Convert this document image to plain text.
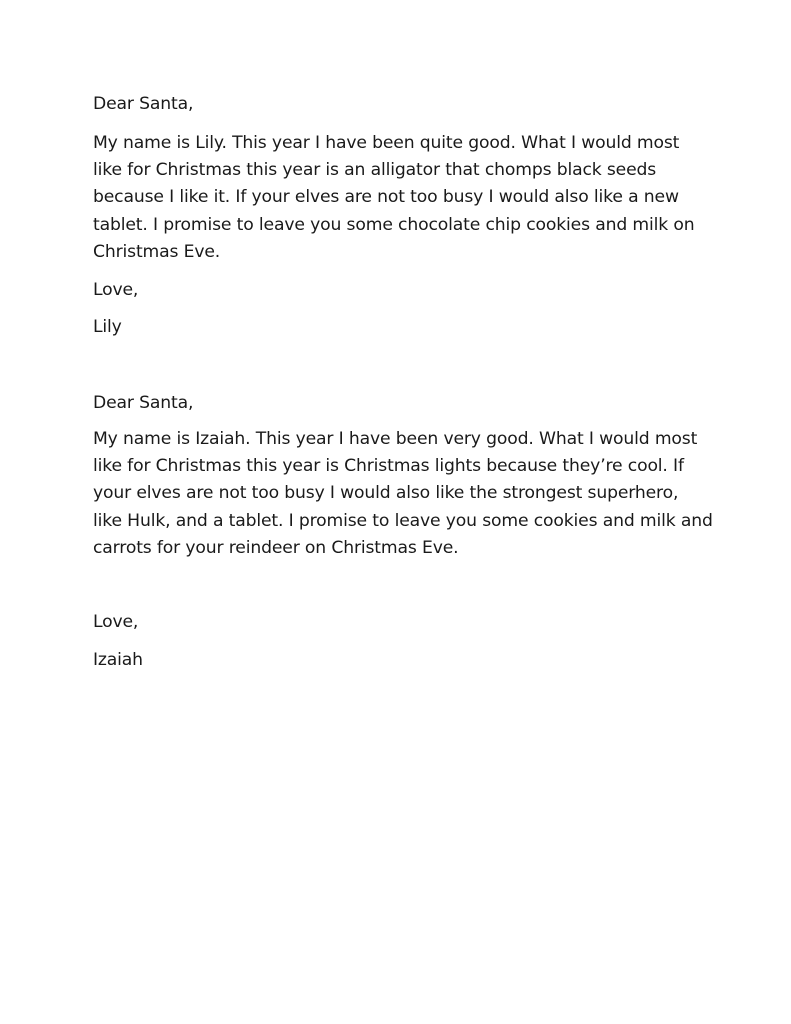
Dear Santa,
My name is Lily. This year I have been quite good. What I would most
like for Christmas this year is an alligator that chomps black seeds
because I like it. If your elves are not too busy I would also like a new
tablet. I promise to leave you some chocolate chip cookies and milk on
Christmas Eve.
Love,
Lily
Dear Santa,
My name is Izaiah. This year I have been very good. What I would most
like for Christmas this year is Christmas lights because they’re cool. If
your elves are not too busy I would also like the strongest superhero,
like Hulk, and a tablet. I promise to leave you some cookies and milk and
carrots for your reindeer on Christmas Eve.
Love,
Izaiah
